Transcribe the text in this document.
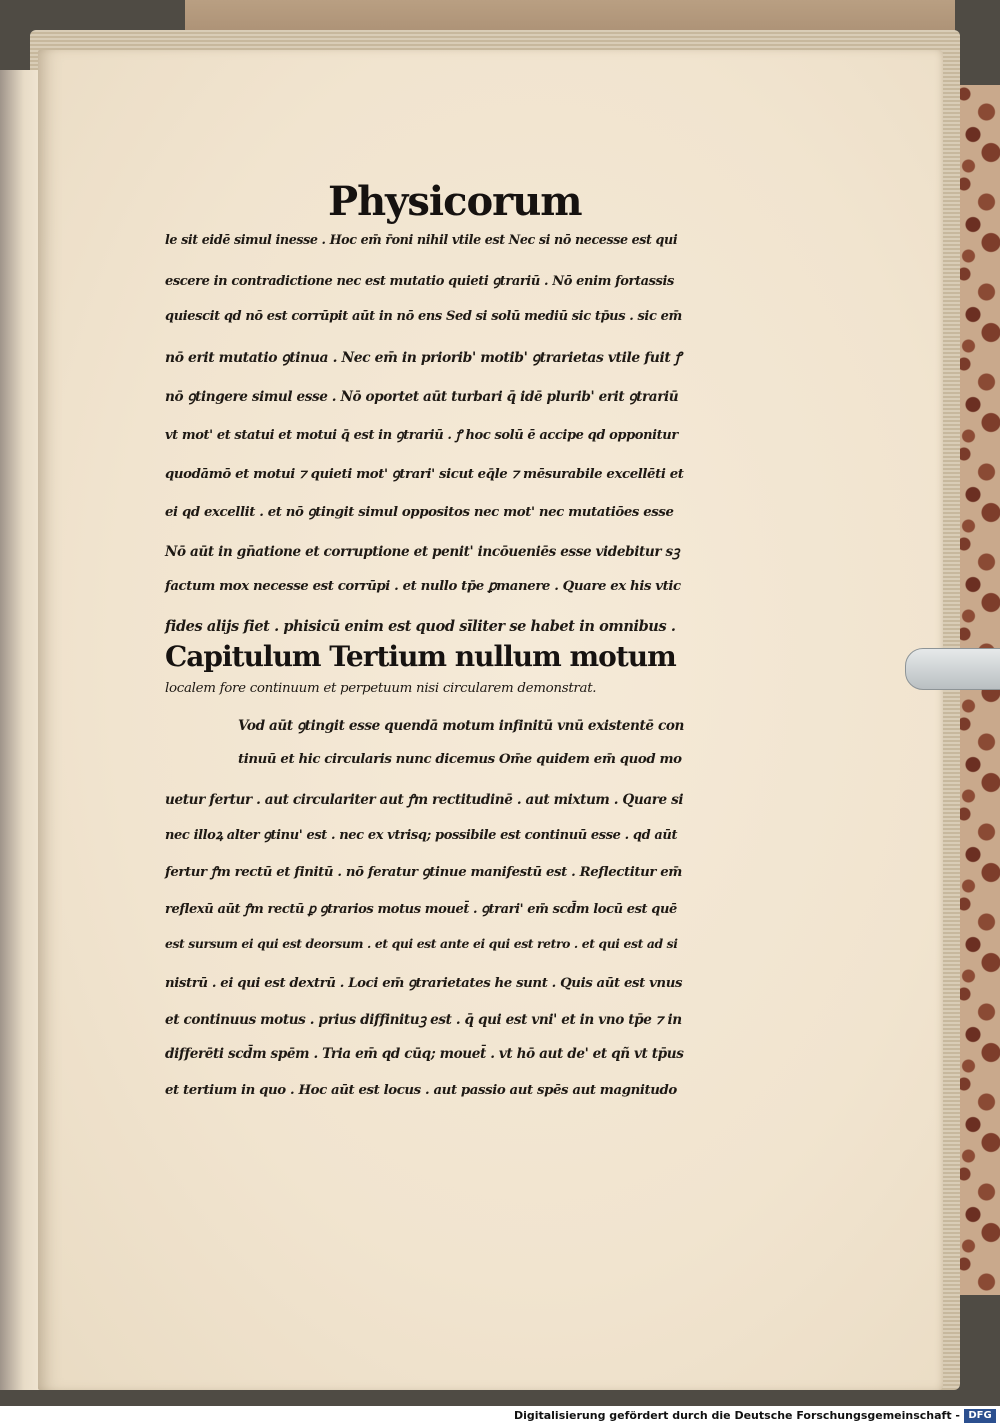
Physicorum
le sit eidē simul inesse . Hoc em̄ r̄oni nihil vtile est Nec si nō necesse est qui
escere in contradictione nec est mutatio quieti ꝯtrariū . Nō enim fortassis
quiescit qd nō est corrūpit aūt in nō ens Sed si solū mediū sic tp̄us . sic em̄
nō erit mutatio ꝯtinua . Nec em̄ in priorib' motib' ꝯtrarietas vtile fuit ꝭ
nō ꝯtingere simul esse . Nō oportet aūt turbari q̄ idē plurib' erit ꝯtrariū
vt mot' et statui et motui q̄ est in ꝯtrariū . ꝭ hoc solū ē accipe qd opponitur
quodāmō et motui ⁊ quieti mot' ꝯtrari' sicut eq̄le ⁊ mēsurabile excellēti et
ei qd excellit . et nō ꝯtingit simul oppositos nec mot' nec mutatiōes esse
Nō aūt in gn̄atione et corruptione et penit' incōueniēs esse videbitur sꝫ
factum mox necesse est corrūpi . et nullo tp̄e ꝑmanere . Quare ex his vtic
fides alijs fiet . phisicū enim est quod sīliter se habet in omnibus .
Capitulum Tertium nullum motum
localem fore continuum et perpetuum nisi circularem demonstrat.
Vod aūt ꝯtingit esse quendā motum infinitū vnū existentē con
tinuū et hic circularis nunc dicemus Om̄e quidem em̄ quod mo
uetur fertur . aut circulariter aut ꝭm rectitudinē . aut mixtum . Quare si
nec illoꝝ alter ꝯtinu' est . nec ex vtrisq; possibile est continuū esse . qd aūt
fertur ꝭm rectū et finitū . nō feratur ꝯtinue manifestū est . Reflectitur em̄
reflexū aūt ꝭm rectū ꝑ ꝯtrarios motus mouet̄ . ꝯtrari' em̄ scd̄m locū est quē
est sursum ei qui est deorsum . et qui est ante ei qui est retro . et qui est ad si
nistrū . ei qui est dextrū . Loci em̄ ꝯtrarietates he sunt . Quis aūt est vnus
et continuus motus . prius diffinituꝫ est . q̄ qui est vni' et in vno tp̄e ⁊ in
differēti scd̄m spēm . Tria em̄ qd cūq; mouet̄ . vt hō aut de' et qñ vt tp̄us
et tertium in quo . Hoc aūt est locus . aut passio aut spēs aut magnitudo
Digitalisierung gefördert durch die Deutsche Forschungsgemeinschaft - DFG
